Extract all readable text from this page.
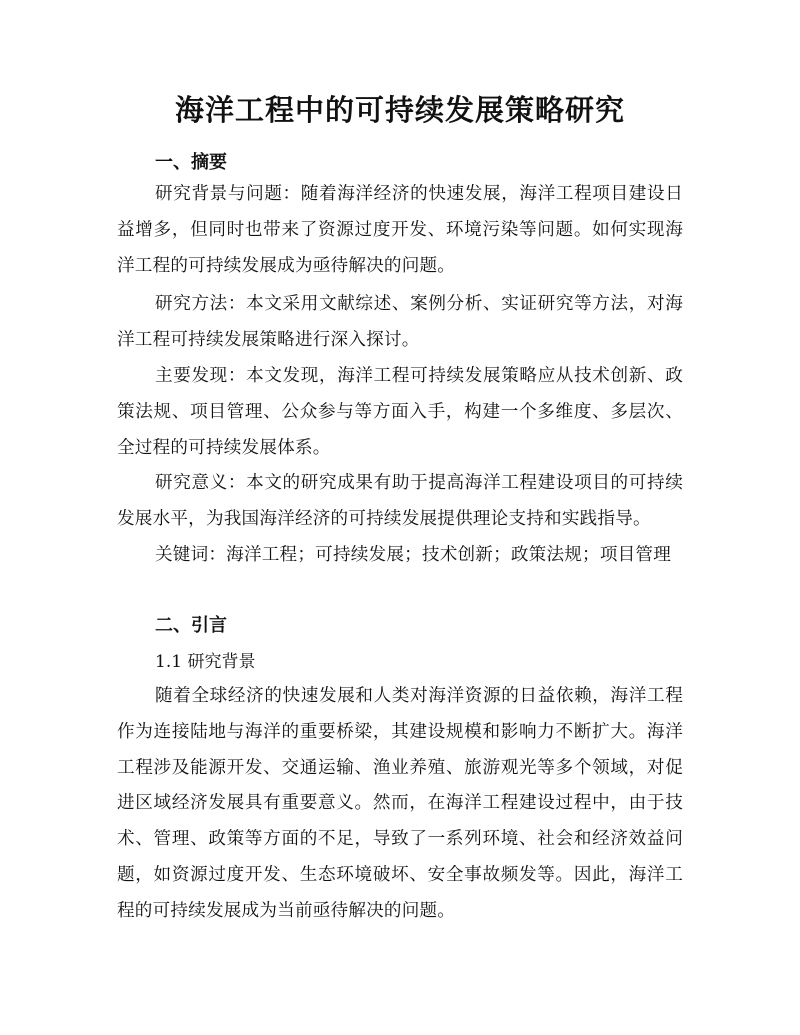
海洋工程中的可持续发展策略研究
一、摘要

研究背景与问题：随着海洋经济的快速发展，海洋工程项目建设日益增多，但同时也带来了资源过度开发、环境污染等问题。如何实现海洋工程的可持续发展成为亟待解决的问题。

研究方法：本文采用文献综述、案例分析、实证研究等方法，对海洋工程可持续发展策略进行深入探讨。

主要发现：本文发现，海洋工程可持续发展策略应从技术创新、政策法规、项目管理、公众参与等方面入手，构建一个多维度、多层次、全过程的可持续发展体系。

研究意义：本文的研究成果有助于提高海洋工程建设项目的可持续发展水平，为我国海洋经济的可持续发展提供理论支持和实践指导。

关键词：海洋工程；可持续发展；技术创新；政策法规；项目管理

二、引言
1.1 研究背景

随着全球经济的快速发展和人类对海洋资源的日益依赖，海洋工程作为连接陆地与海洋的重要桥梁，其建设规模和影响力不断扩大。海洋工程涉及能源开发、交通运输、渔业养殖、旅游观光等多个领域，对促进区域经济发展具有重要意义。然而，在海洋工程建设过程中，由于技术、管理、政策等方面的不足，导致了一系列环境、社会和经济效益问题，如资源过度开发、生态环境破坏、安全事故频发等。因此，海洋工程的可持续发展成为当前亟待解决的问题。
